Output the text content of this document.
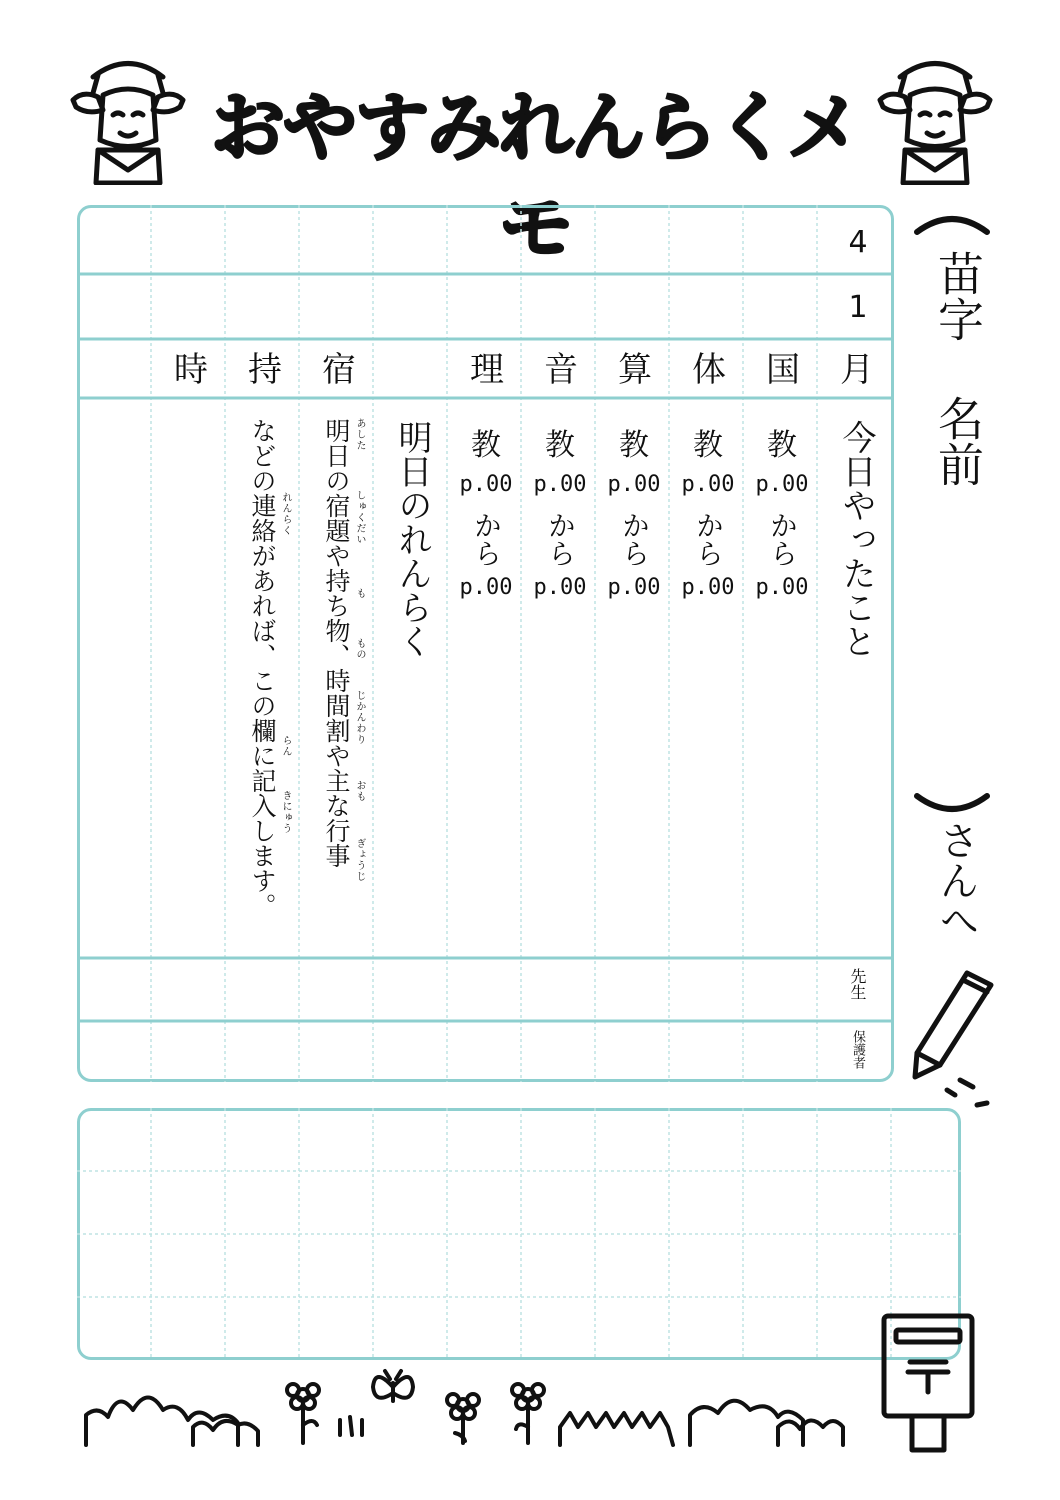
おやすみれんらくメモ	4
1
月
国
体
算
音
理
宿
持
時
今日やったこと
教
p.00
から
p.00
教
p.00
から
p.00
教
p.00
から
p.00
教
p.00
から
p.00
教
p.00
から
p.00
明日のれんらく
明日の宿題や持ち物、時間割や主な行事
などの連絡があれば、この欄に記入します。	あした
しゅくだい
も
もの
じかんわり
おも
ぎょうじ
れんらく
らん
きにゅう
先生
保護者
苗字
名前
さんへ
